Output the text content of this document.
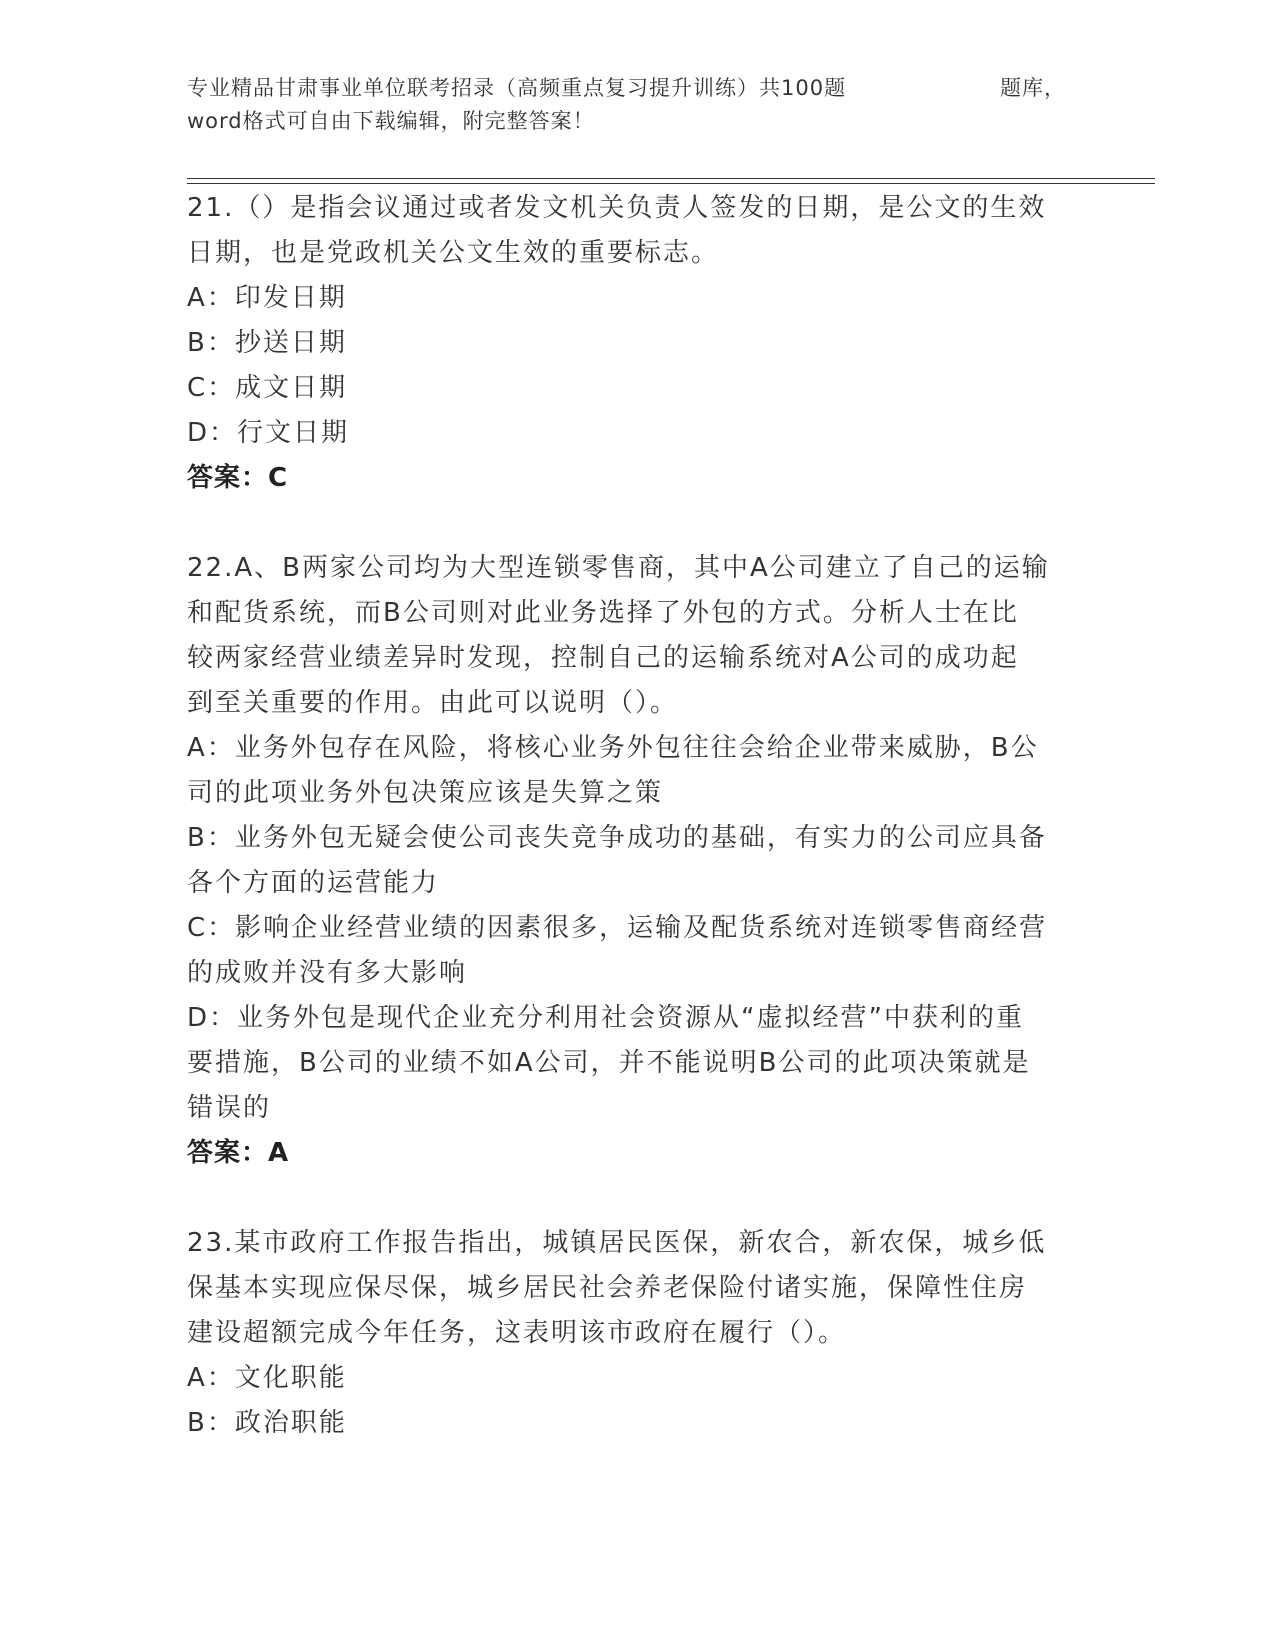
专业精品甘肃事业单位联考招录（高频重点复习提升训练）共100题	题库，
word格式可自由下载编辑，附完整答案！
21.（）是指会议通过或者发文机关负责人签发的日期，是公文的生效
日期，也是党政机关公文生效的重要标志。
A：印发日期
B：抄送日期
C：成文日期
D：行文日期
答案：C
22.A、B两家公司均为大型连锁零售商，其中A公司建立了自己的运输
和配货系统，而B公司则对此业务选择了外包的方式。分析人士在比
较两家经营业绩差异时发现，控制自己的运输系统对A公司的成功起
到至关重要的作用。由此可以说明（）。
A：业务外包存在风险，将核心业务外包往往会给企业带来威胁，B公
司的此项业务外包决策应该是失算之策
B：业务外包无疑会使公司丧失竞争成功的基础，有实力的公司应具备
各个方面的运营能力
C：影响企业经营业绩的因素很多，运输及配货系统对连锁零售商经营
的成败并没有多大影响
D：业务外包是现代企业充分利用社会资源从“虚拟经营”中获利的重
要措施，B公司的业绩不如A公司，并不能说明B公司的此项决策就是
错误的
答案：A
23.某市政府工作报告指出，城镇居民医保，新农合，新农保，城乡低
保基本实现应保尽保，城乡居民社会养老保险付诸实施，保障性住房
建设超额完成今年任务，这表明该市政府在履行（）。
A：文化职能
B：政治职能
